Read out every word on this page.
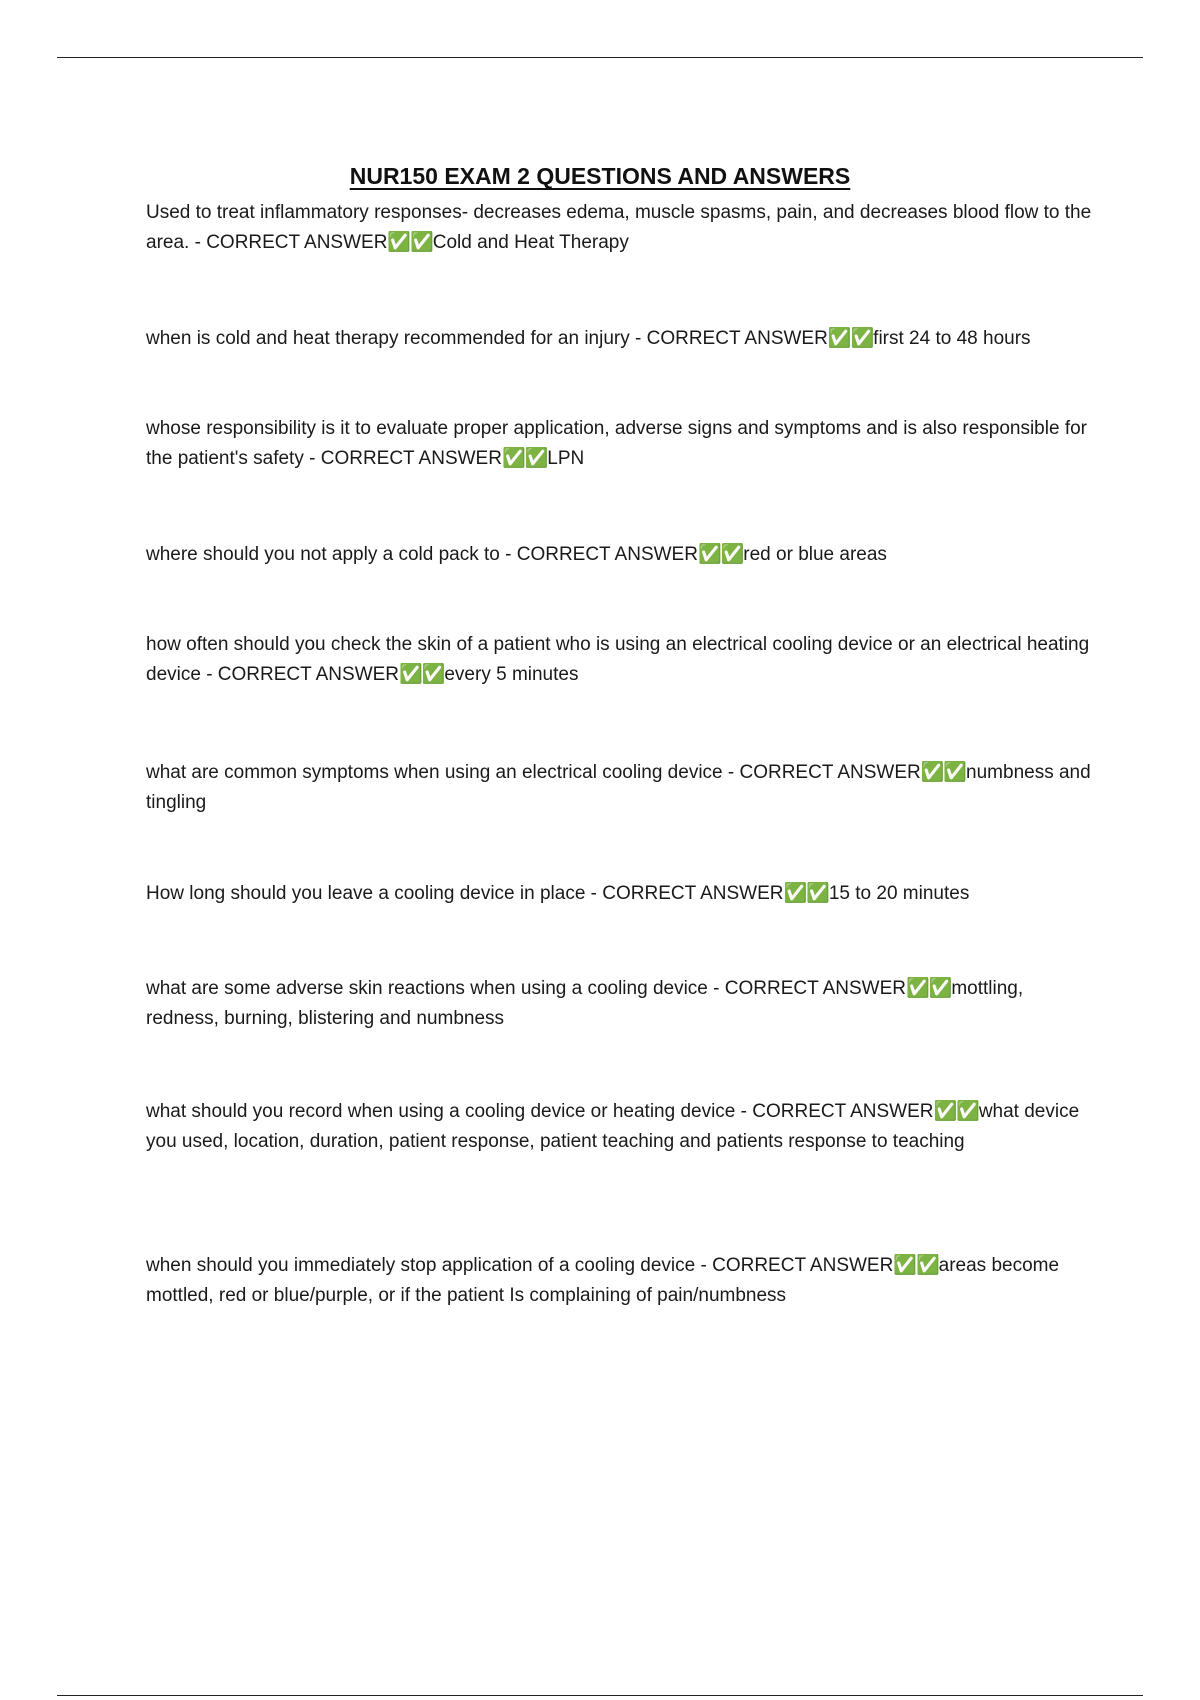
NUR150 EXAM 2 QUESTIONS AND ANSWERS

Used to treat inflammatory responses- decreases edema, muscle spasms, pain, and decreases blood flow to the area. - CORRECT ANSWER✅✅Cold and Heat Therapy

when is cold and heat therapy recommended for an injury - CORRECT ANSWER✅✅first 24 to 48 hours

whose responsibility is it to evaluate proper application, adverse signs and symptoms and is also responsible for the patient's safety - CORRECT ANSWER✅✅LPN

where should you not apply a cold pack to - CORRECT ANSWER✅✅red or blue areas

how often should you check the skin of a patient who is using an electrical cooling device or an electrical heating device - CORRECT ANSWER✅✅every 5 minutes

what are common symptoms when using an electrical cooling device - CORRECT ANSWER✅✅numbness and tingling

How long should you leave a cooling device in place - CORRECT ANSWER✅✅15 to 20 minutes

what are some adverse skin reactions when using a cooling device - CORRECT ANSWER✅✅mottling, redness, burning, blistering and numbness

what should you record when using a cooling device or heating device - CORRECT ANSWER✅✅what device you used, location, duration, patient response, patient teaching and patients response to teaching

when should you immediately stop application of a cooling device - CORRECT ANSWER✅✅areas become mottled, red or blue/purple, or if the patient Is complaining of pain/numbness
